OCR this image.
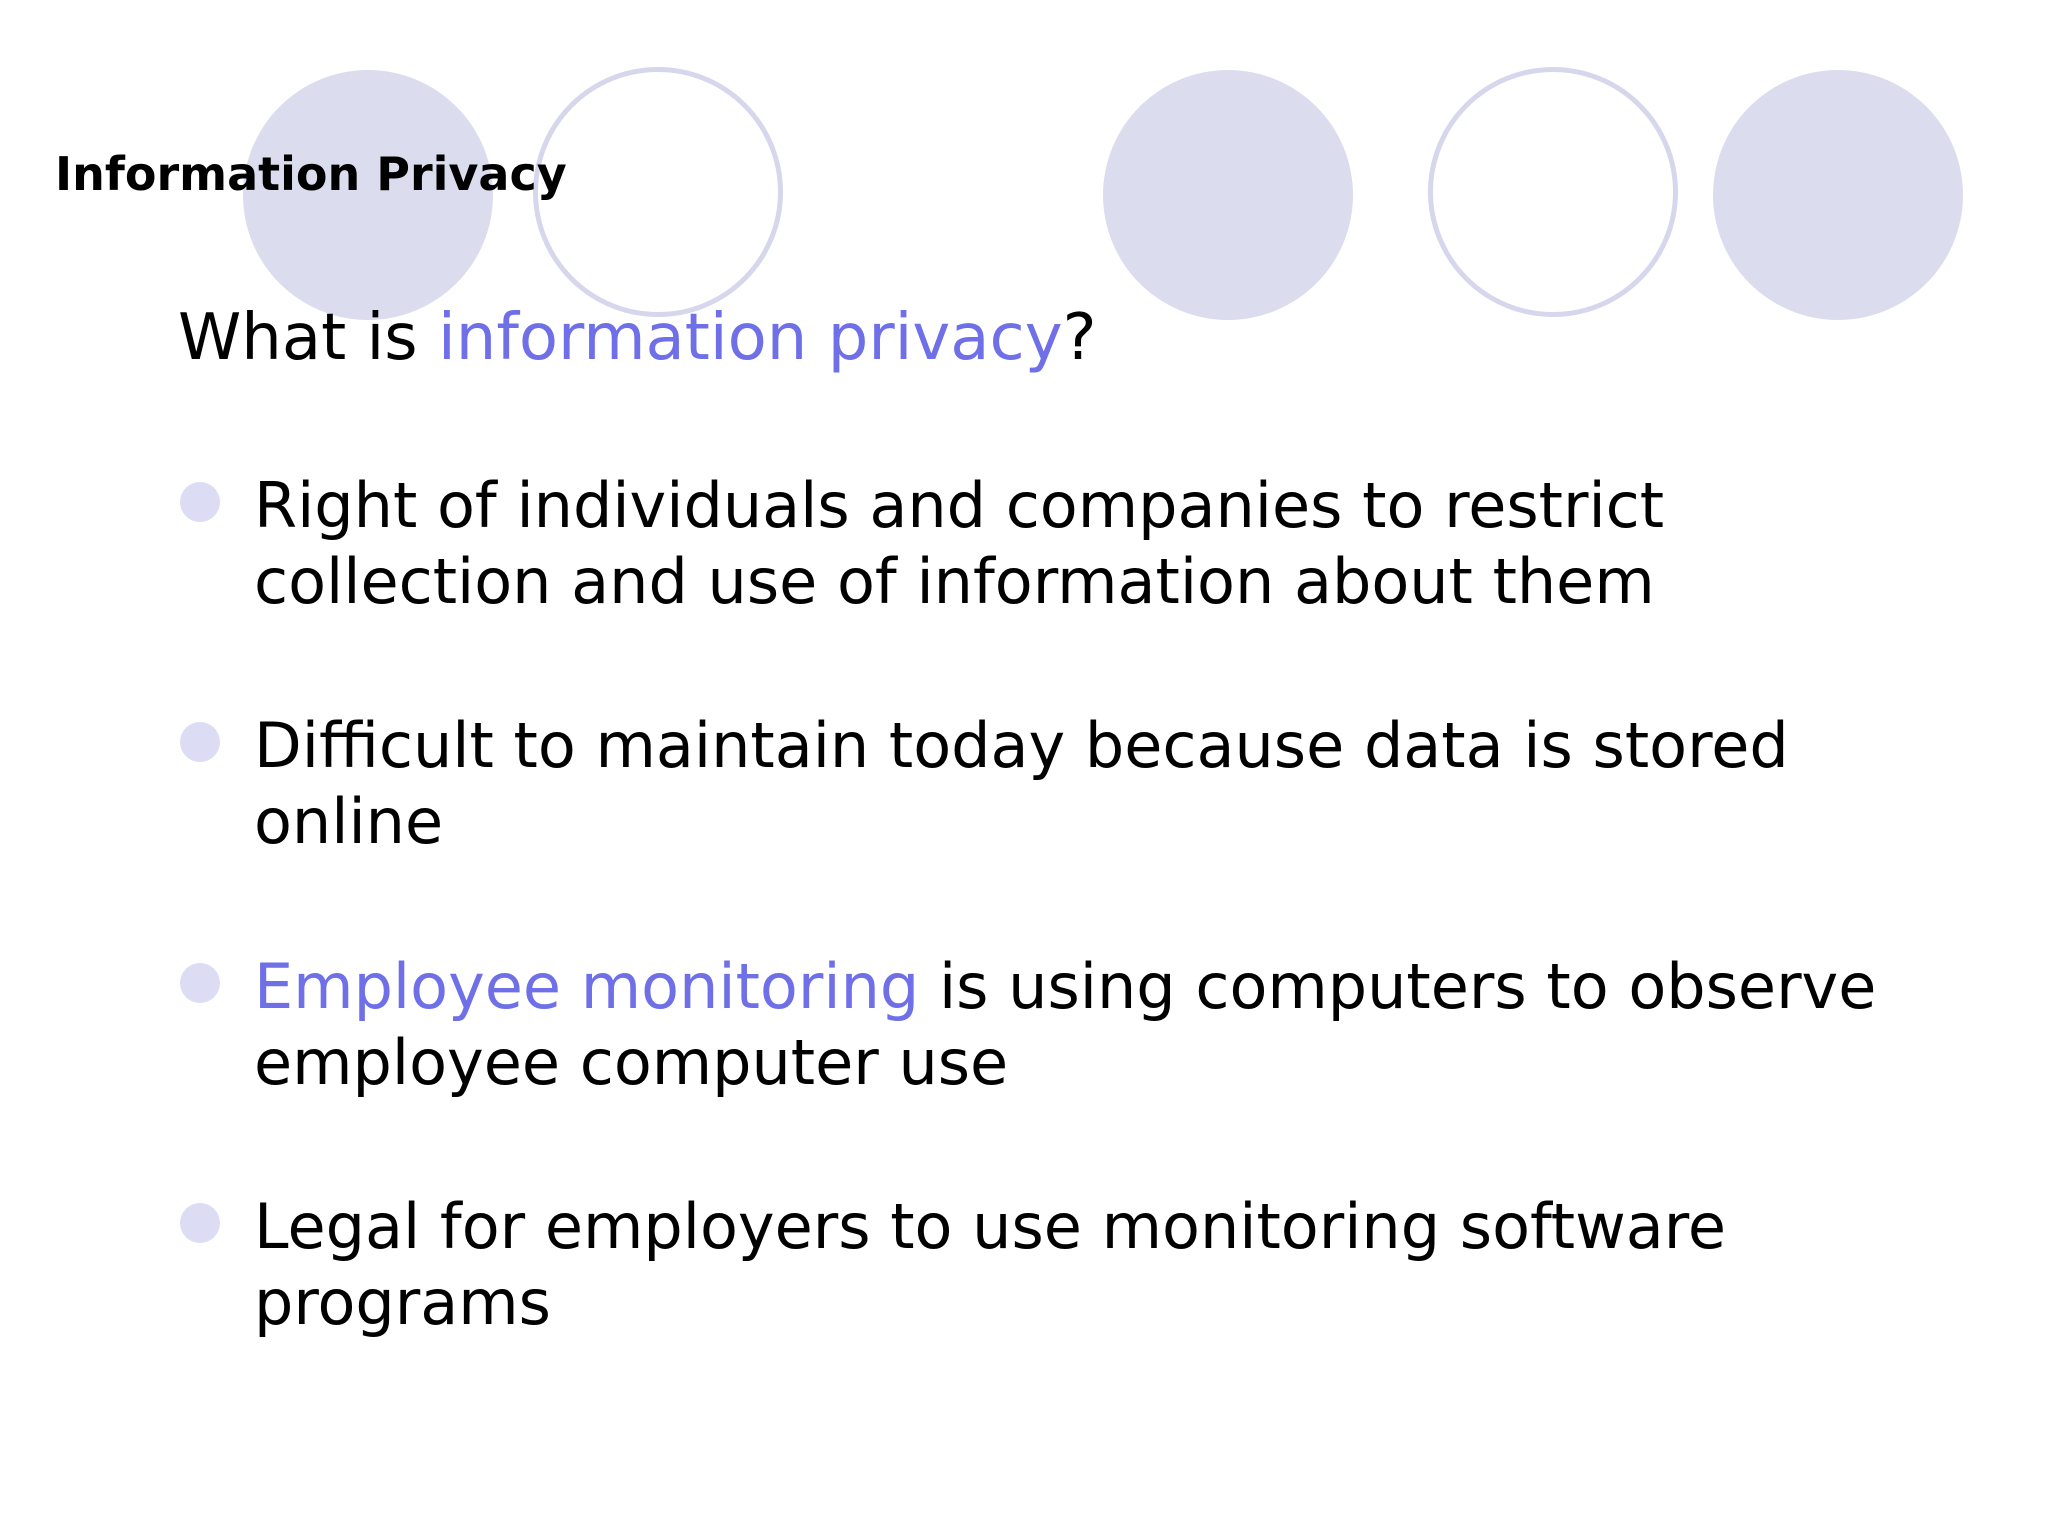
Information Privacy
What is information privacy?
Right of individuals and companies to restrict collection and use of information about them
Difficult to maintain today because data is stored online
Employee monitoring is using computers to observe employee computer use
Legal for employers to use monitoring software programs
